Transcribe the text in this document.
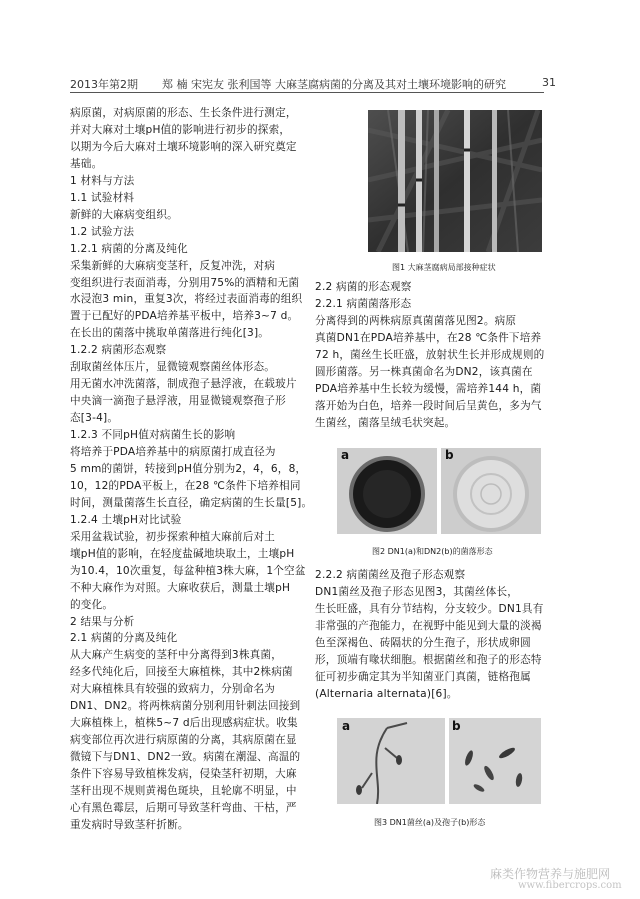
2013年第2期 郑 楠 宋宪友 张利国等 大麻茎腐病菌的分离及其对土壤环境影响的研究	31
病原菌，对病原菌的形态、生长条件进行测定，
并对大麻对土壤pH值的影响进行初步的探索，
以期为今后大麻对土壤环境影响的深入研究奠定
基础。
1 材料与方法
1.1 试验材料
新鲜的大麻病变组织。
1.2 试验方法
1.2.1 病菌的分离及纯化
采集新鲜的大麻病变茎秆，反复冲洗，对病
变组织进行表面消毒，分别用75%的酒精和无菌
水浸泡3 min，重复3次，将经过表面消毒的组织
置于已配好的PDA培养基平板中，培养3~7 d。
在长出的菌落中挑取单菌落进行纯化[3]。
1.2.2 病菌形态观察
刮取菌丝体压片，显微镜观察菌丝体形态。
用无菌水冲洗菌落，制成孢子悬浮液，在载玻片
中央滴一滴孢子悬浮液，用显微镜观察孢子形
态[3-4]。
1.2.3 不同pH值对病菌生长的影响
将培养于PDA培养基中的病原菌打成直径为
5 mm的菌饼，转接到pH值分别为2，4，6，8，
10，12的PDA平板上，在28 ℃条件下培养相同
时间，测量菌落生长直径，确定病菌的生长量[5]。
1.2.4 土壤pH对比试验
采用盆栽试验，初步探索种植大麻前后对土
壤pH值的影响，在轻度盐碱地块取土，土壤pH
为10.4，10次重复，每盆种植3株大麻，1个空盆
不种大麻作为对照。大麻收获后，测量土壤pH
的变化。
2 结果与分析
2.1 病菌的分离及纯化
从大麻产生病变的茎秆中分离得到3株真菌，
经多代纯化后，回接至大麻植株，其中2株病菌
对大麻植株具有较强的致病力，分别命名为
DN1、DN2。将两株病菌分别利用针刺法回接到
大麻植株上，植株5~7 d后出现感病症状。收集
病变部位再次进行病原菌的分离，其病原菌在显
微镜下与DN1、DN2一致。病菌在潮湿、高温的
条件下容易导致植株发病，侵染茎秆初期，大麻
茎秆出现不规则黄褐色斑块，且轮廓不明显，中
心有黑色霉层，后期可导致茎秆弯曲、干枯，严
重发病时导致茎秆折断。
2.2 病菌的形态观察
2.2.1 病菌菌落形态
分离得到的两株病原真菌菌落见图2。病原
真菌DN1在PDA培养基中，在28 ℃条件下培养
72 h，菌丝生长旺盛，放射状生长并形成规则的
圆形菌落。另一株真菌命名为DN2，该真菌在
PDA培养基中生长较为缓慢，需培养144 h，菌
落开始为白色，培养一段时间后呈黄色，多为气
生菌丝，菌落呈绒毛状突起。
2.2.2 病菌菌丝及孢子形态观察
DN1菌丝及孢子形态见图3，其菌丝体长，
生长旺盛，具有分节结构，分支较少。DN1具有
非常强的产孢能力，在视野中能见到大量的淡褐
色至深褐色、砖隔状的分生孢子，形状成卵圆
形，顶端有喙状细胞。根据菌丝和孢子的形态特
征可初步确定其为半知菌亚门真菌，链格孢属
(Alternaria alternata)[6]。
图1 大麻茎腐病局部接种症状
a	b
图2 DN1(a)和DN2(b)的菌落形态
a	b
图3 DN1菌丝(a)及孢子(b)形态
麻类作物营养与施肥网
www.fibercrops.com
